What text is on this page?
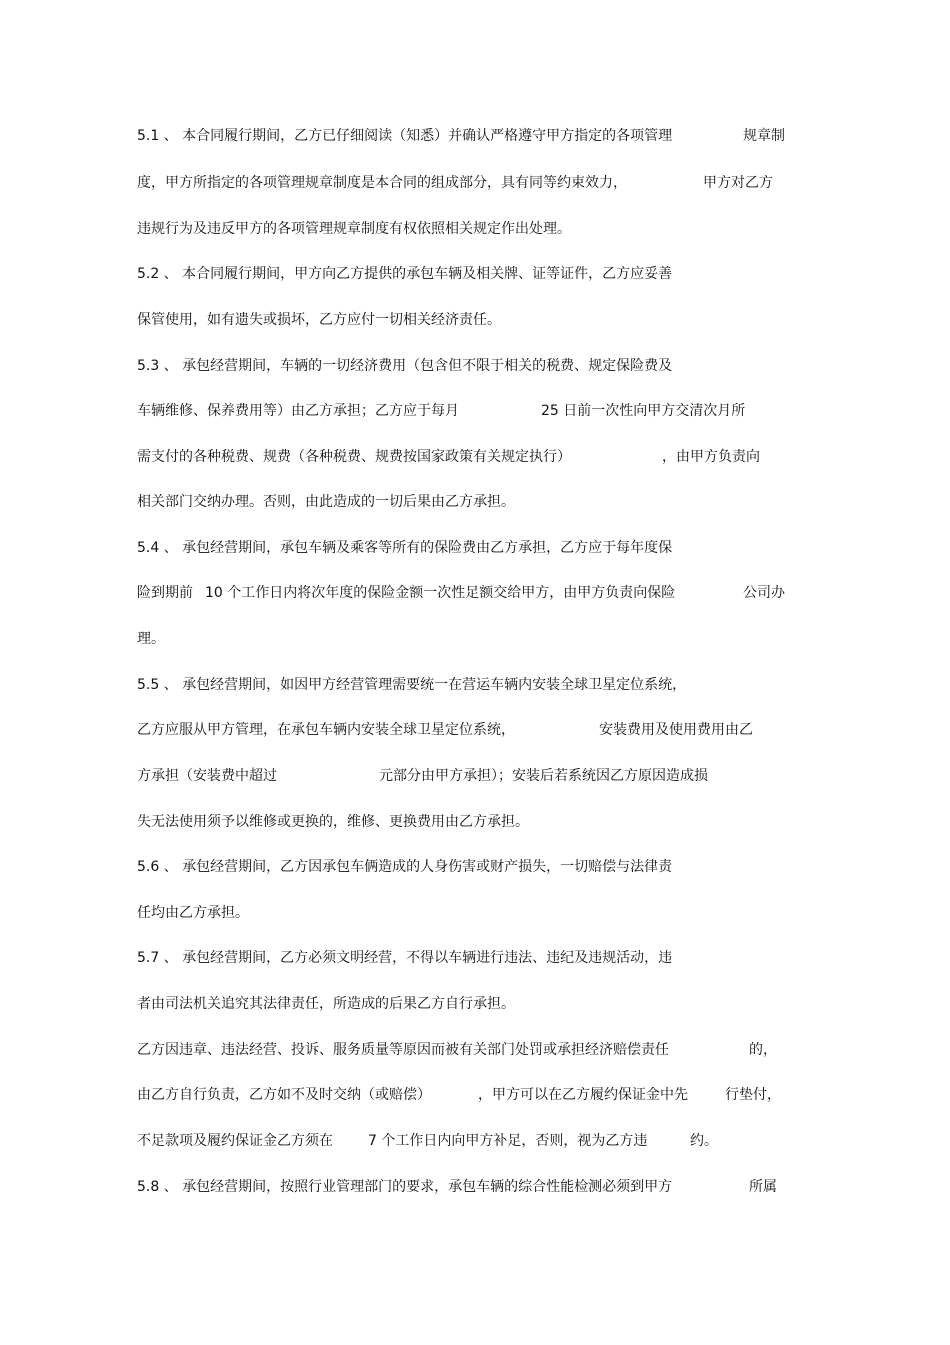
5.1 、 本合同履行期间，乙方已仔细阅读（知悉）并确认严格遵守甲方指定的各项管理	规章制
度，甲方所指定的各项管理规章制度是本合同的组成部分，具有同等约束效力，	甲方对乙方
违规行为及违反甲方的各项管理规章制度有权依照相关规定作出处理。
5.2 、 本合同履行期间，甲方向乙方提供的承包车辆及相关牌、证等证件，乙方应妥善
保管使用，如有遗失或损坏，乙方应付一切相关经济责任。
5.3 、 承包经营期间，车辆的一切经济费用（包含但不限于相关的税费、规定保险费及
车辆维修、保养费用等）由乙方承担；乙方应于每月	25 日前一次性向甲方交清次月所
需支付的各种税费、规费（各种税费、规费按国家政策有关规定执行）	，由甲方负责向
相关部门交纳办理。否则，由此造成的一切后果由乙方承担。
5.4 、 承包经营期间，承包车辆及乘客等所有的保险费由乙方承担，乙方应于每年度保
险到期前 10 个工作日内将次年度的保险金额一次性足额交给甲方，由甲方负责向保险	公司办
理。
5.5 、 承包经营期间，如因甲方经营管理需要统一在营运车辆内安装全球卫星定位系统，
乙方应服从甲方管理，在承包车辆内安装全球卫星定位系统，	安装费用及使用费用由乙
方承担（安装费中超过	元部分由甲方承担）；安装后若系统因乙方原因造成损
失无法使用须予以维修或更换的，维修、更换费用由乙方承担。
5.6 、 承包经营期间，乙方因承包车俩造成的人身伤害或财产损失，一切赔偿与法律责
任均由乙方承担。
5.7 、 承包经营期间，乙方必须文明经营，不得以车辆进行违法、违纪及违规活动，违
者由司法机关追究其法律责任，所造成的后果乙方自行承担。
乙方因违章、违法经营、投诉、服务质量等原因而被有关部门处罚或承担经济赔偿责任	的，
由乙方自行负责，乙方如不及时交纳（或赔偿）	，甲方可以在乙方履约保证金中先	行垫付，
不足款项及履约保证金乙方须在	7 个工作日内向甲方补足，否则，视为乙方违	约。
5.8 、 承包经营期间，按照行业管理部门的要求，承包车辆的综合性能检测必须到甲方	所属
